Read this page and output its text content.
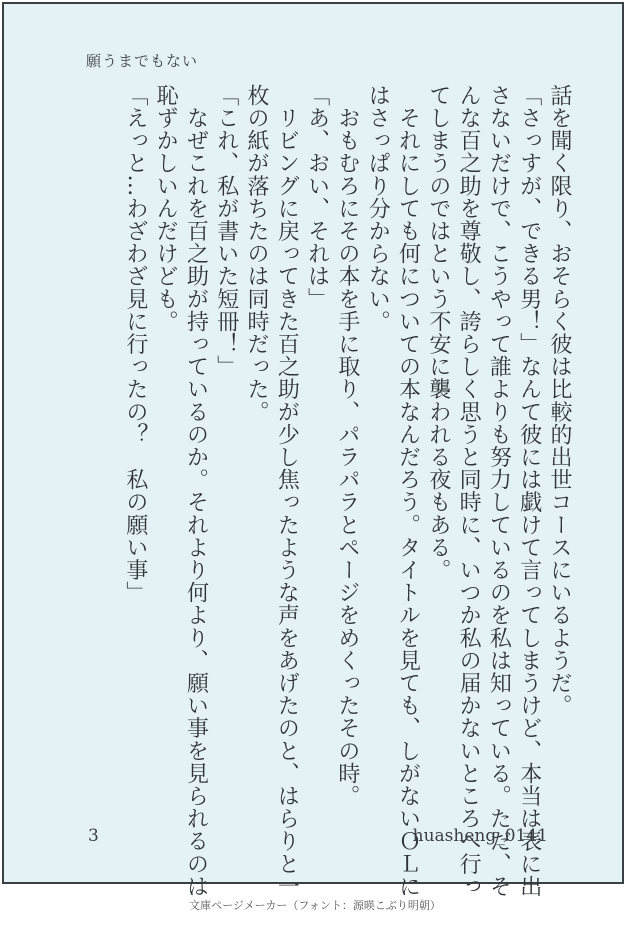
願うまでもない
話を聞く限り、おそらく彼は比較的出世コースにいるようだ。
「さっすが、できる男！」なんて彼には戯けて言ってしまうけど、本当は表に出
さないだけで、こうやって誰よりも努力しているのを私は知っている。ただ、そ
んな百之助を尊敬し、誇らしく思うと同時に、いつか私の届かないところへ行っ
てしまうのではという不安に襲われる夜もある。
　それにしても何についての本なんだろう。タイトルを見ても、しがないＯＬに
はさっぱり分からない。
　おもむろにその本を手に取り、パラパラとページをめくったその時。
「あ、おい、それは」
　リビングに戻ってきた百之助が少し焦ったような声をあげたのと、はらりと一
枚の紙が落ちたのは同時だった。
「これ、私が書いた短冊！」
　なぜこれを百之助が持っているのか。それより何より、願い事を見られるのは
恥ずかしいんだけども。
「えっと…わざわざ見に行ったの？　私の願い事」
3	huasheng_0141
文庫ページメーカー（フォント：源暎こぶり明朝）
